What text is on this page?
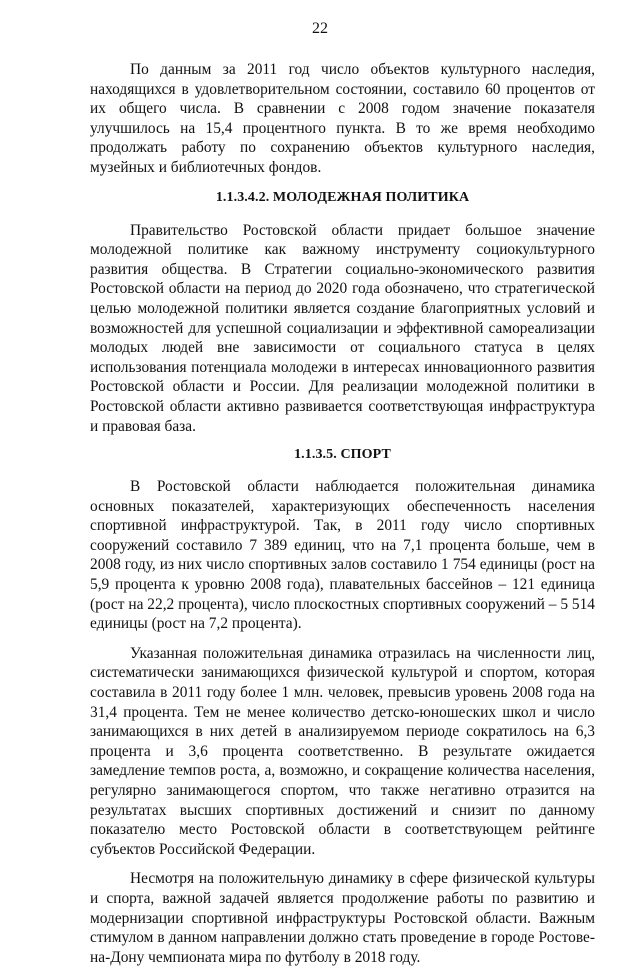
22

По данным за 2011 год число объектов культурного наследия, находящихся в удовлетворительном состоянии, составило 60 процентов от их общего числа. В сравнении с 2008 годом значение показателя улучшилось на 15,4 процентного пункта. В то же время необходимо продолжать работу по сохранению объектов культурного наследия, музейных и библиотечных фондов.

1.1.3.4.2. МОЛОДЕЖНАЯ ПОЛИТИКА

Правительство Ростовской области придает большое значение молодежной политике как важному инструменту социокультурного развития общества. В Стратегии социально-экономического развития Ростовской области на период до 2020 года обозначено, что стратегической целью молодежной политики является создание благоприятных условий и возможностей для успешной социализации и эффективной самореализации молодых людей вне зависимости от социального статуса в целях использования потенциала молодежи в интересах инновационного развития Ростовской области и России. Для реализации молодежной политики в Ростовской области активно развивается соответствующая инфраструктура и правовая база.

1.1.3.5. СПОРТ

В Ростовской области наблюдается положительная динамика основных показателей, характеризующих обеспеченность населения спортивной инфраструктурой. Так, в 2011 году число спортивных сооружений составило 7 389 единиц, что на 7,1 процента больше, чем в 2008 году, из них число спортивных залов составило 1 754 единицы (рост на 5,9 процента к уровню 2008 года), плавательных бассейнов – 121 единица (рост на 22,2 процента), число плоскостных спортивных сооружений – 5 514 единицы (рост на 7,2 процента).

Указанная положительная динамика отразилась на численности лиц, систематически занимающихся физической культурой и спортом, которая составила в 2011 году более 1 млн. человек, превысив уровень 2008 года на 31,4 процента. Тем не менее количество детско-юношеских школ и число занимающихся в них детей в анализируемом периоде сократилось на 6,3 процента и 3,6 процента соответственно. В результате ожидается замедление темпов роста, а, возможно, и сокращение количества населения, регулярно занимающегося спортом, что также негативно отразится на результатах высших спортивных достижений и снизит по данному показателю место Ростовской области в соответствующем рейтинге субъектов Российской Федерации.

Несмотря на положительную динамику в сфере физической культуры и спорта, важной задачей является продолжение работы по развитию и модернизации спортивной инфраструктуры Ростовской области. Важным стимулом в данном направлении должно стать проведение в городе Ростове-на-Дону чемпионата мира по футболу в 2018 году.
